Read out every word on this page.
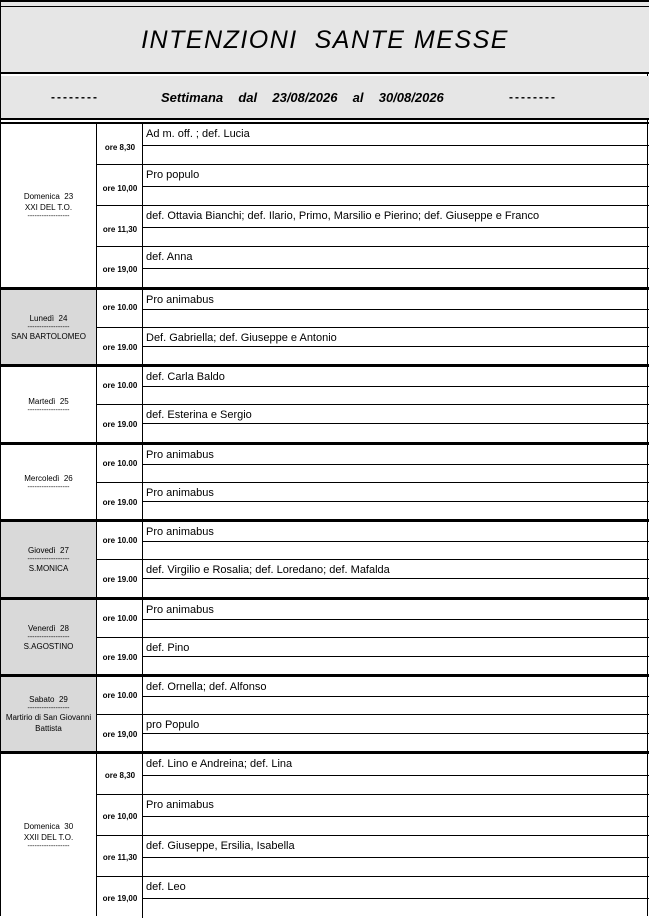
INTENZIONI  SANTE MESSE
--------	Settimana  dal  23/08/2026  al  30/08/2026	--------
Domenica  23
XXI DEL T.O.
------------------
ore 8,30
Ad m. off. ; def. Lucia
ore 10,00
Pro populo
ore 11,30
def. Ottavia Bianchi; def. Ilario, Primo, Marsilio e Pierino; def. Giuseppe e Franco
ore 19,00
def. Anna
Lunedì  24
------------------
SAN BARTOLOMEO
ore 10.00
Pro animabus
ore 19.00
Def. Gabriella; def. Giuseppe e Antonio
Martedì  25
------------------
ore 10.00
def. Carla Baldo
ore 19.00
def. Esterina e Sergio
Mercoledì  26
------------------
ore 10.00
Pro animabus
ore 19.00
Pro animabus
Giovedì  27
------------------
S.MONICA
ore 10.00
Pro animabus
ore 19.00
def. Virgilio e Rosalia; def. Loredano; def. Mafalda
Venerdì  28
------------------
S.AGOSTINO
ore 10.00
Pro animabus
ore 19.00
def. Pino
Sabato  29
------------------
Martirio di San Giovanni Battista
ore 10.00
def. Ornella; def. Alfonso
ore 19,00
pro Populo
Domenica  30
XXII DEL T.O.
------------------
ore 8,30
def. Lino e Andreina; def. Lina
ore 10,00
Pro animabus
ore 11,30
def. Giuseppe, Ersilia, Isabella
ore 19,00
def. Leo
